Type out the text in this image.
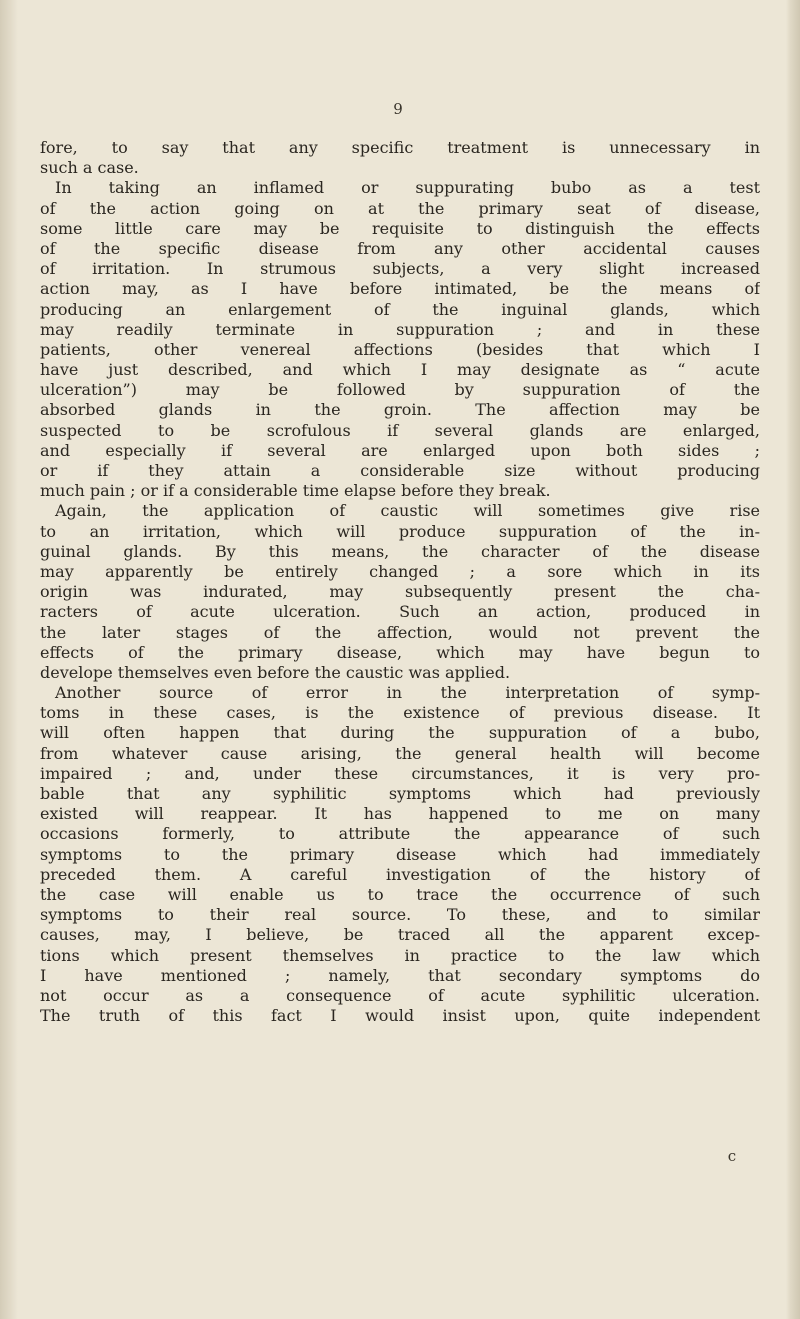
9
fore, to say that any specific treatment is unnecessary in
such a case.
In taking an inflamed or suppurating bubo as a test
of the action going on at the primary seat of disease,
some little care may be requisite to distinguish the effects
of the specific disease from any other accidental causes
of irritation. In strumous subjects, a very slight increased
action may, as I have before intimated, be the means of
producing an enlargement of the inguinal glands, which
may readily terminate in suppuration ; and in these
patients, other venereal affections (besides that which I
have just described, and which I may designate as “ acute
ulceration”) may be followed by suppuration of the
absorbed glands in the groin. The affection may be
suspected to be scrofulous if several glands are enlarged,
and especially if several are enlarged upon both sides ;
or if they attain a considerable size without producing
much pain ; or if a considerable time elapse before they break.
Again, the application of caustic will sometimes give rise
to an irritation, which will produce suppuration of the in-
guinal glands. By this means, the character of the disease
may apparently be entirely changed ; a sore which in its
origin was indurated, may subsequently present the cha-
racters of acute ulceration. Such an action, produced in
the later stages of the affection, would not prevent the
effects of the primary disease, which may have begun to
develope themselves even before the caustic was applied.
Another source of error in the interpretation of symp-
toms in these cases, is the existence of previous disease. It
will often happen that during the suppuration of a bubo,
from whatever cause arising, the general health will become
impaired ; and, under these circumstances, it is very pro-
bable that any syphilitic symptoms which had previously
existed will reappear. It has happened to me on many
occasions formerly, to attribute the appearance of such
symptoms to the primary disease which had immediately
preceded them. A careful investigation of the history of
the case will enable us to trace the occurrence of such
symptoms to their real source. To these, and to similar
causes, may, I believe, be traced all the apparent excep-
tions which present themselves in practice to the law which
I have mentioned ; namely, that secondary symptoms do
not occur as a consequence of acute syphilitic ulceration.
The truth of this fact I would insist upon, quite independent
c
